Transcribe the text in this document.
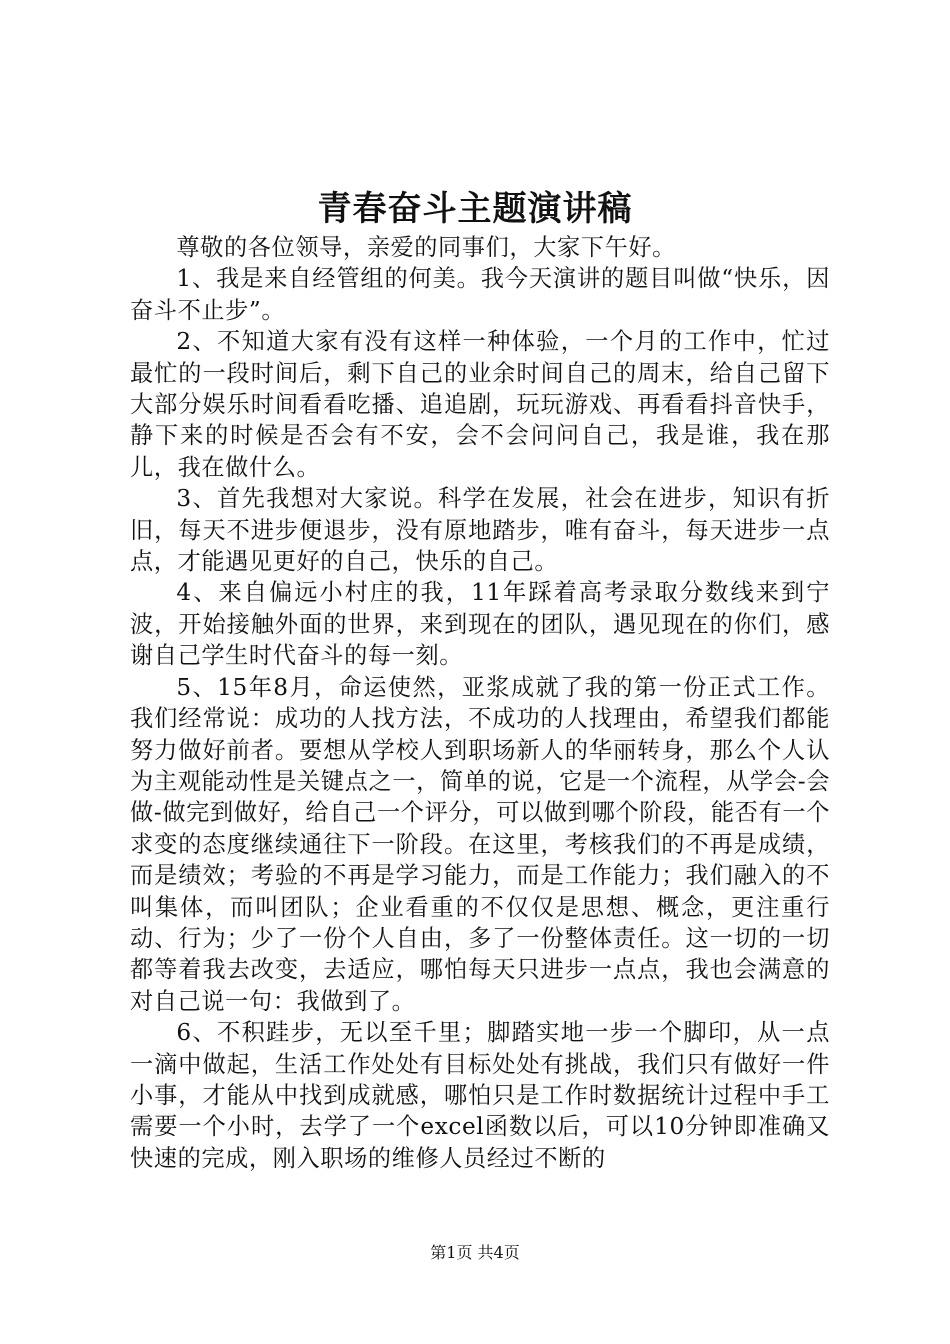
青春奋斗主题演讲稿

尊敬的各位领导，亲爱的同事们，大家下午好。

1、我是来自经管组的何美。我今天演讲的题目叫做“快乐，因奋斗不止步”。

2、不知道大家有没有这样一种体验，一个月的工作中，忙过最忙的一段时间后，剩下自己的业余时间自己的周末，给自己留下大部分娱乐时间看看吃播、追追剧，玩玩游戏、再看看抖音快手，静下来的时候是否会有不安，会不会问问自己，我是谁，我在那儿，我在做什么。

3、首先我想对大家说。科学在发展，社会在进步，知识有折旧，每天不进步便退步，没有原地踏步，唯有奋斗，每天进步一点点，才能遇见更好的自己，快乐的自己。

4、来自偏远小村庄的我，11年踩着高考录取分数线来到宁波，开始接触外面的世界，来到现在的团队，遇见现在的你们，感谢自己学生时代奋斗的每一刻。

5、15年8月，命运使然，亚浆成就了我的第一份正式工作。我们经常说：成功的人找方法，不成功的人找理由，希望我们都能努力做好前者。要想从学校人到职场新人的华丽转身，那么个人认为主观能动性是关键点之一，简单的说，它是一个流程，从学会-会做-做完到做好，给自己一个评分，可以做到哪个阶段，能否有一个求变的态度继续通往下一阶段。在这里，考核我们的不再是成绩，而是绩效；考验的不再是学习能力，而是工作能力；我们融入的不叫集体，而叫团队；企业看重的不仅仅是思想、概念，更注重行动、行为；少了一份个人自由，多了一份整体责任。这一切的一切都等着我去改变，去适应，哪怕每天只进步一点点，我也会满意的对自己说一句：我做到了。

6、不积跬步，无以至千里；脚踏实地一步一个脚印，从一点一滴中做起，生活工作处处有目标处处有挑战，我们只有做好一件小事，才能从中找到成就感，哪怕只是工作时数据统计过程中手工需要一个小时，去学了一个excel函数以后，可以10分钟即准确又快速的完成，刚入职场的维修人员经过不断的

第1页 共4页
